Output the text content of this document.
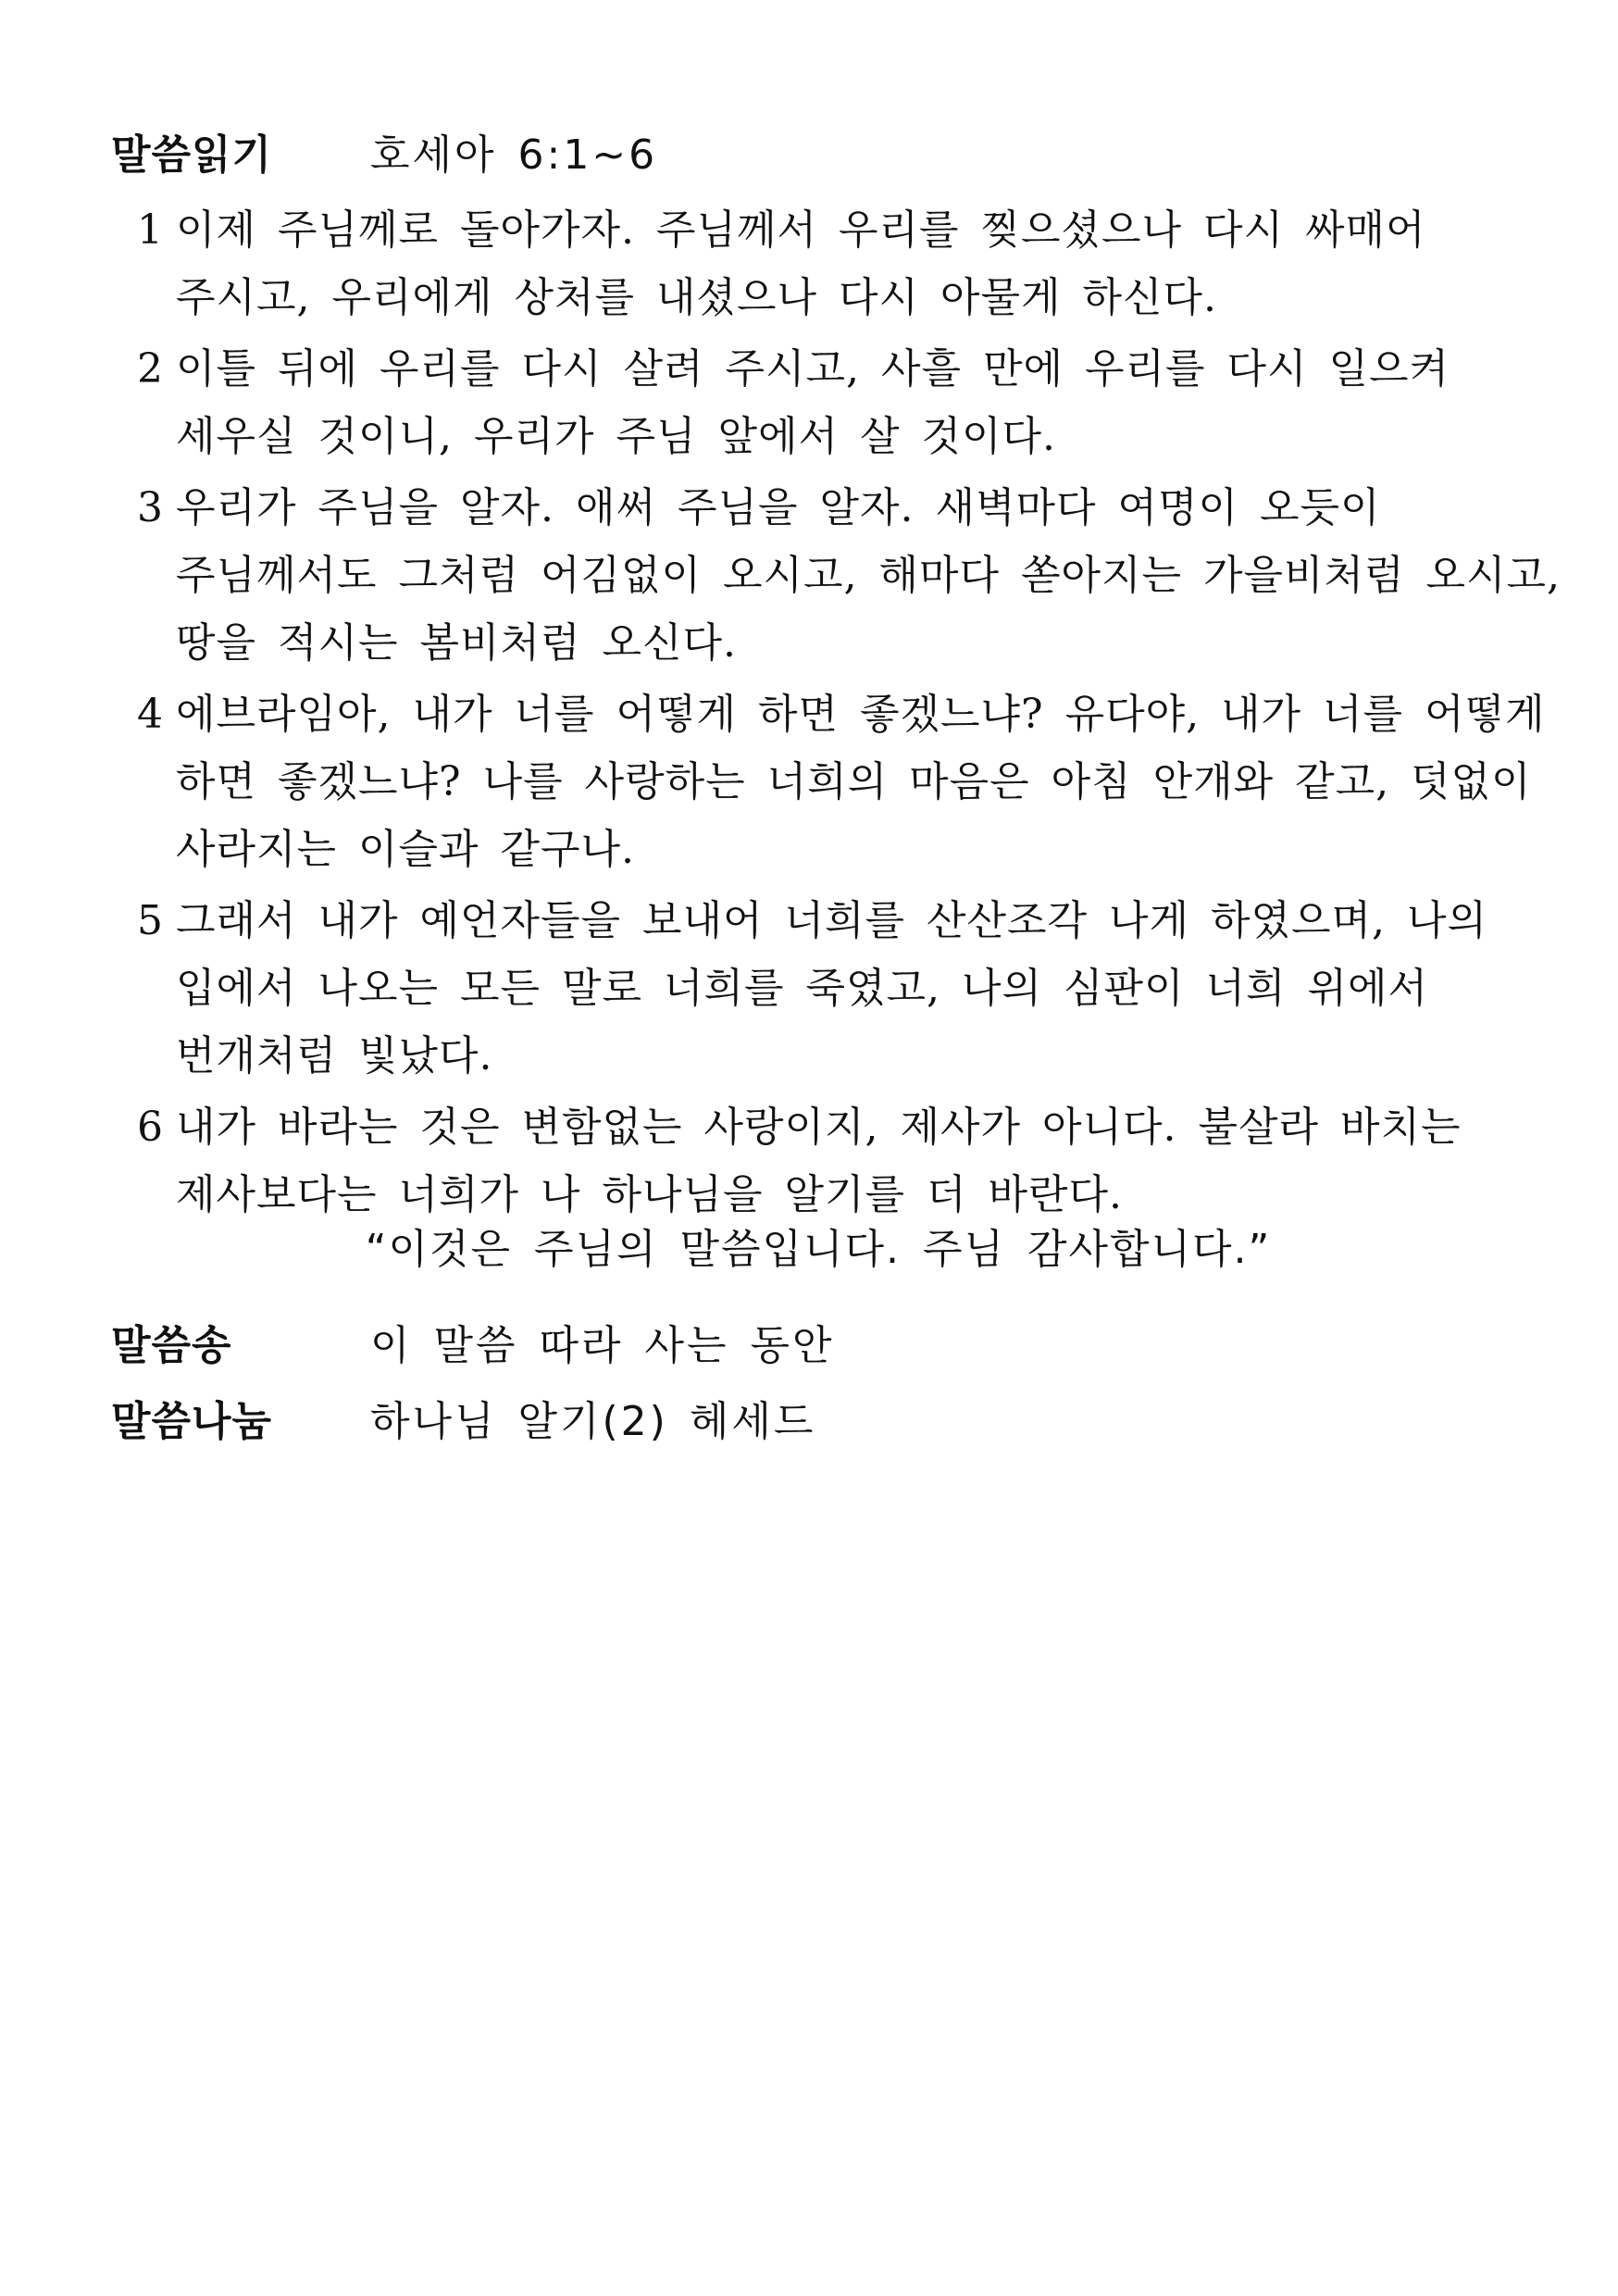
말씀읽기	호세아 6:1~6
1 이제 주님께로 돌아가자. 주님께서 우리를 찢으셨으나 다시 싸매어
주시고, 우리에게 상처를 내셨으나 다시 아물게 하신다.
2 이틀 뒤에 우리를 다시 살려 주시고, 사흘 만에 우리를 다시 일으켜
세우실 것이니, 우리가 주님 앞에서 살 것이다.
3 우리가 주님을 알자. 애써 주님을 알자. 새벽마다 여명이 오듯이
주님께서도 그처럼 어김없이 오시고, 해마다 쏟아지는 가을비처럼 오시고,
땅을 적시는 봄비처럼 오신다.
4 에브라임아, 내가 너를 어떻게 하면 좋겠느냐? 유다야, 내가 너를 어떻게
하면 좋겠느냐? 나를 사랑하는 너희의 마음은 아침 안개와 같고, 덧없이
사라지는 이슬과 같구나.
5 그래서 내가 예언자들을 보내어 너희를 산산조각 나게 하였으며, 나의
입에서 나오는 모든 말로 너희를 죽였고, 나의 심판이 너희 위에서
번개처럼 빛났다.
6 내가 바라는 것은 변함없는 사랑이지, 제사가 아니다. 불살라 바치는
제사보다는 너희가 나 하나님을 알기를 더 바란다.
“이것은 주님의 말씀입니다. 주님 감사합니다.”
말씀송	이 말씀 따라 사는 동안
말씀나눔	하나님 알기(2) 헤세드
